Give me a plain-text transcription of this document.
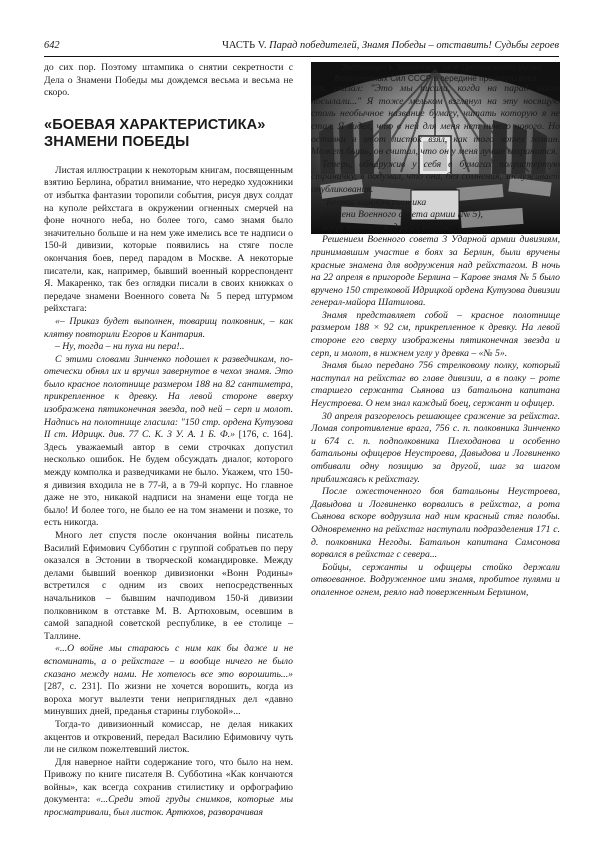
642	ЧАСТЬ V. Парад победителей, Знамя Победы – отставить! Судьбы героев

до сих пор. Поэтому штампика о снятии секретности с Дела о Знамени Победы мы дождемся весьма и весьма не скоро.

«БОЕВАЯ ХАРАКТЕРИСТИКА»
ЗНАМЕНИ ПОБЕДЫ

Листая иллюстрации к некоторым книгам, посвященным взятию Берлина, обратил внимание, что нередко художники от избытка фантазии торопили события, рисуя двух солдат на куполе рейхстага в окружении огненных смерчей на фоне ночного неба, но более того, само знамя было значительно больше и на нем уже имелись все те надписи о 150-й дивизии, которые появились на стяге после окончания боев, перед парадом в Москве. А некоторые писатели, как, например, бывший военный корреспондент Я. Макаренко, так без оглядки писали в своих книжках о передаче знамени Военного совета № 5 перед штурмом рейхстага:

«– Приказ будет выполнен, товарищ полковник, – как клятву повторили Егоров и Кантария.

– Ну, тогда – ни пуха ни пера!..

С этими словами Зинченко подошел к разведчикам, по-отечески обнял их и вручил завернутое в чехол знамя. Это было красное полотнище размером 188 на 82 сантиметра, прикрепленное к древку. На левой стороне вверху изображена пятиконечная звезда, под ней – серп и молот. Надпись на полотнище гласила: "150 стр. ордена Кутузова II ст. Идрицк. див. 77 С. К. 3 У. А. 1 Б. Ф.» [176, с. 164]. Здесь уважаемый автор в семи строчках допустил несколько ошибок. Не будем обсуждать диалог, которого между комполка и разведчиками не было. Укажем, что 150-я дивизия входила не в 77-й, а в 79-й корпус. Но главное даже не это, никакой надписи на знамени еще тогда не было! И более того, не было ее на том знамени и позже, то есть никогда.

Много лет спустя после окончания войны писатель Василий Ефимович Субботин с группой собратьев по перу оказался в Эстонии в творческой командировке. Между делами бывший военкор дивизионки «Вонн Родины» встретился с одним из своих непосредственных начальников – бывшим начподивом 150-й дивизии полковником в отставке М. В. Артюховым, осевшим в самой западной советской республике, в ее столице – Таллине.

«...О войне мы стараюсь с ним как бы даже и не вспоминать, а о рейхстаге – и вообще ничего не было сказано между нами. Не хотелось все это ворошить...» [287, с. 231]. По жизни не хочется ворошить, когда из вороха могут вылезти тени неприглядных дел «давно минувших дней, преданья старины глубокой»...

Тогда-то дивизионный комиссар, не делая никаких акцентов и откровений, передал Василию Ефимовичу чуть ли не силком пожелтевший листок.

Для наверное найти содержание того, что было на нем. Привожу по книге писателя В. Субботина «Как кончаются войны», как всегда сохранив стилистику и орфографию документа: «...Среди этой груды снимков, которые мы просматривали, был листок. Артюхов, разворачивая

Экспозиция в Знаменном зале Центрального музея Вооруженных Сил СССР в середине прошлого века

его, сказал: "Это мы писали, когда на парад знамя посылали..." Я тоже мельком взглянул на эту носящую столь необычное название бумагу, читать которую я не стал. Я видел, что в ней для меня нет ничего нового. Но оставки я этот листок взял, как того хотел хозяин. Может быть, он считал, что он у меня лучше сохранится.

Теперь, обнаружив у себя в бумагах полуистертую страничку, я подумал, что она, без сомнения, заслуживает опубликования.

"Боевая характеристика

знамени Военного совета армии (№ 5),

водруженного над рейхстагом.

Решением Военного совета 3 Ударной армии дивизиям, принимавшим участие в боях за Берлин, были вручены красные знамена для водружения над рейхстагом. В ночь на 22 апреля в пригороде Берлина – Карове знамя № 5 было вручено 150 стрелковой Идрицкой ордена Кутузова дивизии генерал-майора Шатилова.

Знамя представляет собой – красное полотнище размером 188 × 92 см, прикрепленное к древку. На левой стороне его сверху изображены пятиконечная звезда и серп, и молот, в нижнем углу у древка – «№ 5».

Знамя было передано 756 стрелковому полку, который наступал на рейхстаг во главе дивизии, а в полку – роте старшего сержанта Сьянова из батальона капитана Неустроева. О нем знал каждый боец, сержант и офицер.

30 апреля разгорелось решающее сражение за рейхстаг. Ломая сопротивление врага, 756 с. п. полковника Зинченко и 674 с. п. подполковника Плеходанова и особенно батальоны офицеров Неустроева, Давыдова и Логвиненко отбивали одну позицию за другой, шаг за шагом приближаясь к рейхстагу.

После ожесточенного боя батальоны Неустроева, Давыдова и Логвиненко ворвались в рейхстаг, а рота Сьянова вскоре водрузила над ним красный стяг полобы. Одновременно на рейхстаг наступали подразделения 171 с. д. полковника Негоды. Батальон капитана Самсонова ворвался в рейхстаг с севера...

Бойцы, сержанты и офицеры стойко держали отвоеванное. Водруженное ими знамя, пробитое пулями и опаленное огнем, реяло над поверженным Берлином,
